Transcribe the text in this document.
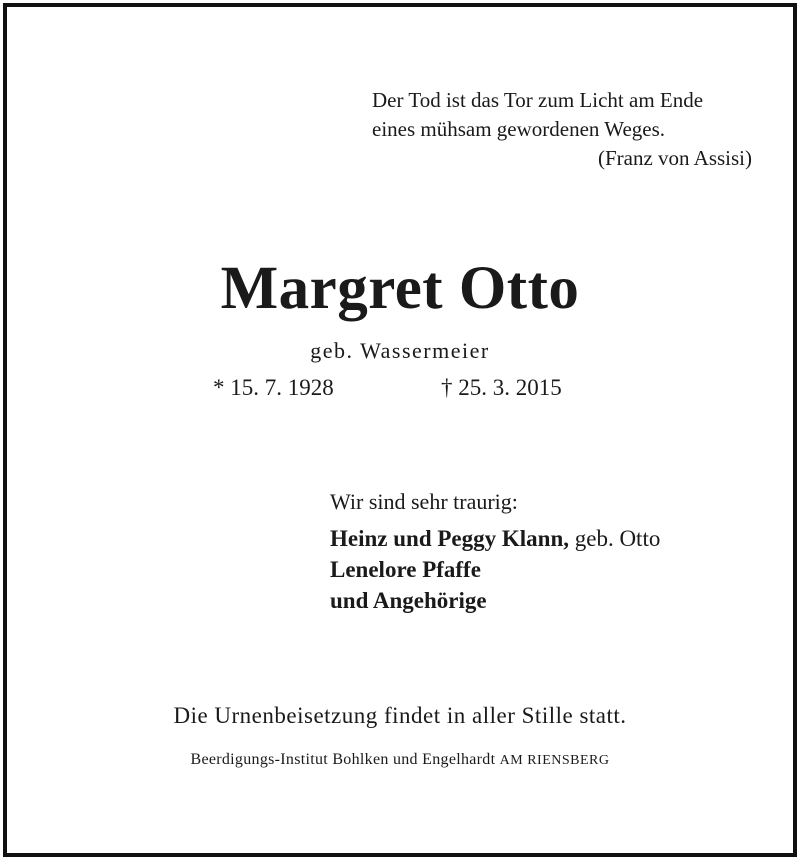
Der Tod ist das Tor zum Licht am Ende
eines mühsam gewordenen Weges.
(Franz von Assisi)
Margret Otto
geb. Wassermeier
* 15. 7. 1928	† 25. 3. 2015
Wir sind sehr traurig:
Heinz und Peggy Klann, geb. Otto
Lenelore Pfaffe
und Angehörige
Die Urnenbeisetzung findet in aller Stille statt.
Beerdigungs-Institut Bohlken und Engelhardt AM RIENSBERG
